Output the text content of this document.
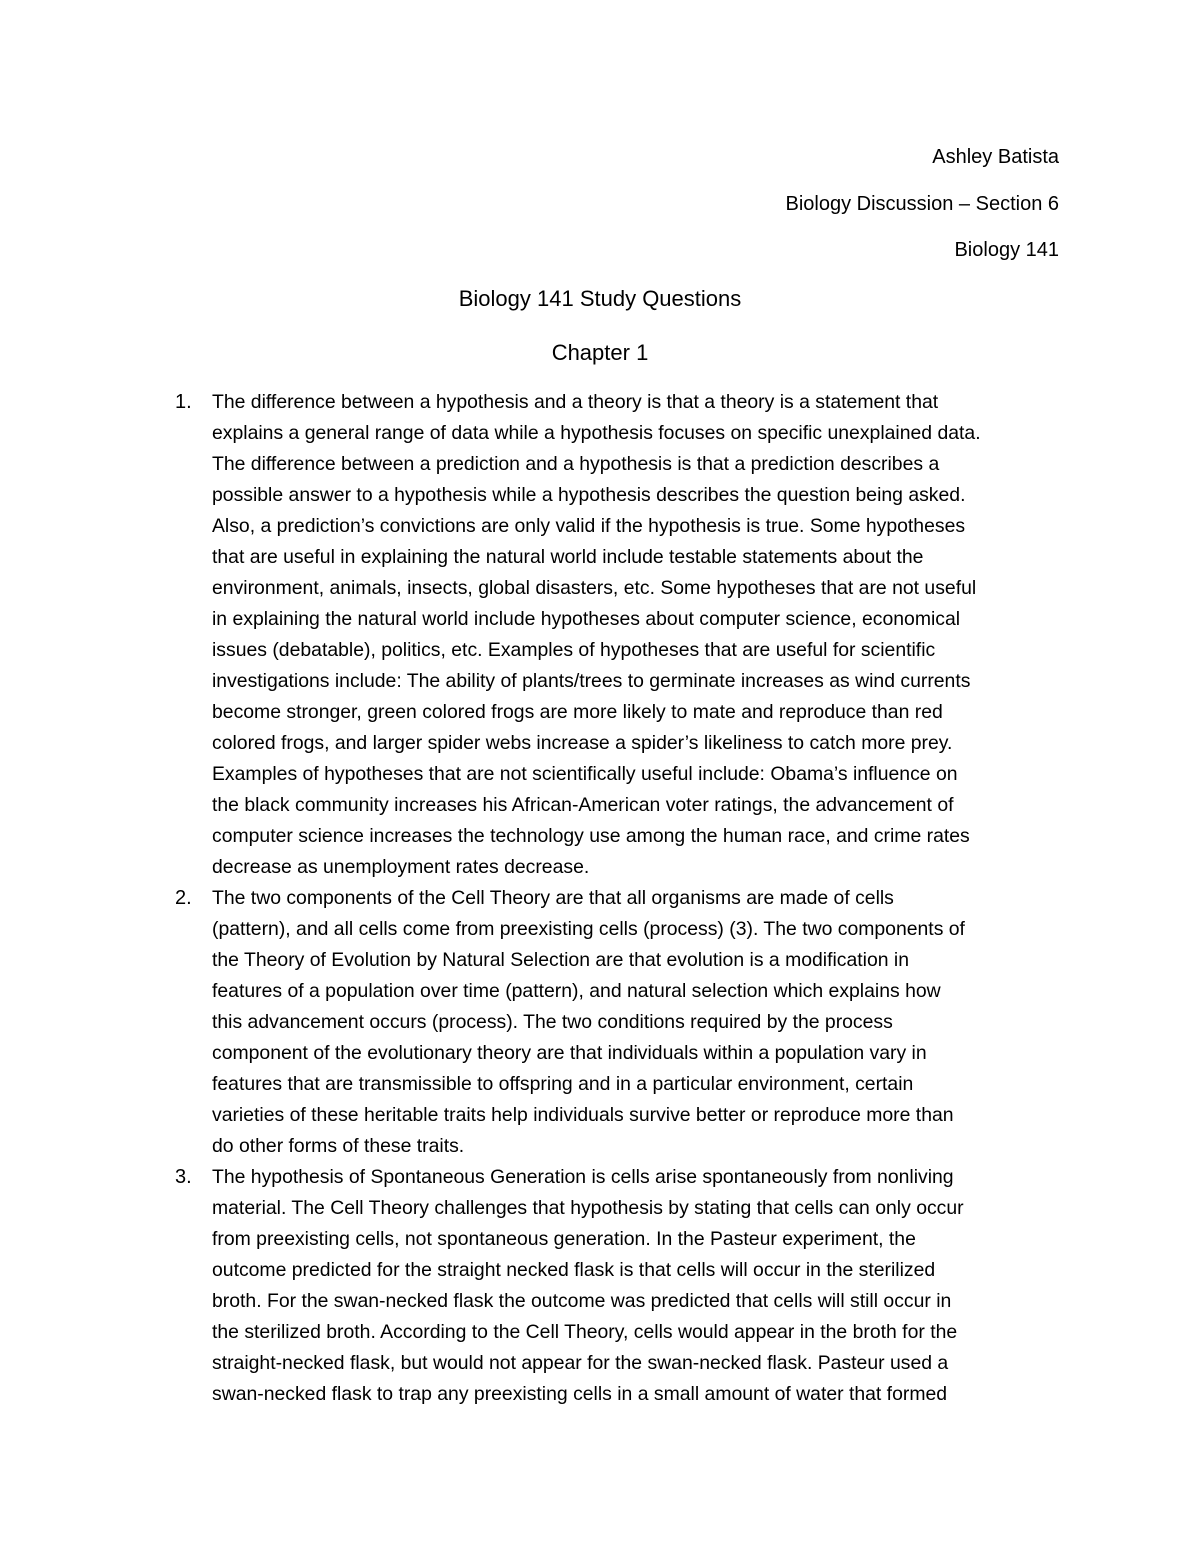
Ashley Batista
Biology Discussion – Section 6
Biology 141
Biology 141 Study Questions
Chapter 1
1. The difference between a hypothesis and a theory is that a theory is a statement that
explains a general range of data while a hypothesis focuses on specific unexplained data.
The difference between a prediction and a hypothesis is that a prediction describes a
possible answer to a hypothesis while a hypothesis describes the question being asked.
Also, a prediction’s convictions are only valid if the hypothesis is true. Some hypotheses
that are useful in explaining the natural world include testable statements about the
environment, animals, insects, global disasters, etc. Some hypotheses that are not useful
in explaining the natural world include hypotheses about computer science, economical
issues (debatable), politics, etc. Examples of hypotheses that are useful for scientific
investigations include: The ability of plants/trees to germinate increases as wind currents
become stronger, green colored frogs are more likely to mate and reproduce than red
colored frogs, and larger spider webs increase a spider’s likeliness to catch more prey.
Examples of hypotheses that are not scientifically useful include: Obama’s influence on
the black community increases his African-American voter ratings, the advancement of
computer science increases the technology use among the human race, and crime rates
decrease as unemployment rates decrease.
2. The two components of the Cell Theory are that all organisms are made of cells
(pattern), and all cells come from preexisting cells (process) (3). The two components of
the Theory of Evolution by Natural Selection are that evolution is a modification in
features of a population over time (pattern), and natural selection which explains how
this advancement occurs (process). The two conditions required by the process
component of the evolutionary theory are that individuals within a population vary in
features that are transmissible to offspring and in a particular environment, certain
varieties of these heritable traits help individuals survive better or reproduce more than
do other forms of these traits.
3. The hypothesis of Spontaneous Generation is cells arise spontaneously from nonliving
material. The Cell Theory challenges that hypothesis by stating that cells can only occur
from preexisting cells, not spontaneous generation. In the Pasteur experiment, the
outcome predicted for the straight necked flask is that cells will occur in the sterilized
broth. For the swan-necked flask the outcome was predicted that cells will still occur in
the sterilized broth. According to the Cell Theory, cells would appear in the broth for the
straight-necked flask, but would not appear for the swan-necked flask. Pasteur used a
swan-necked flask to trap any preexisting cells in a small amount of water that formed
